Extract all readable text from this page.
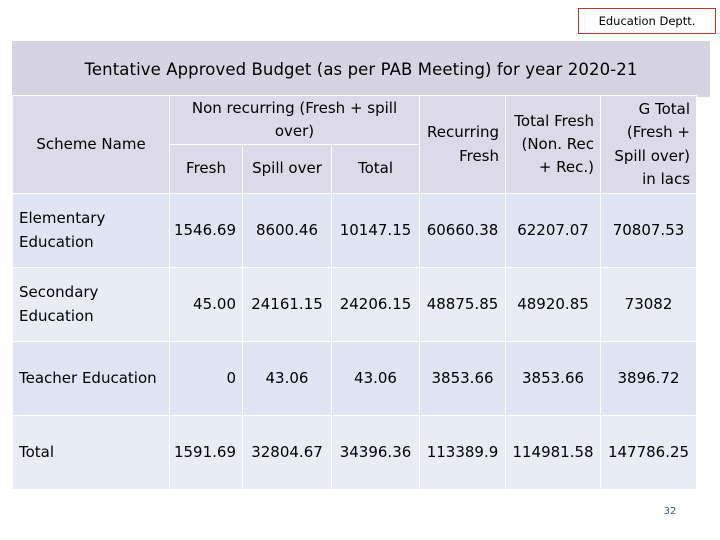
Education Deptt.
Tentative Approved Budget (as per PAB Meeting) for year 2020-21
Scheme Name	Non recurring (Fresh + spill over)			Recurring Fresh	Total Fresh (Non. Rec + Rec.)	G Total (Fresh + Spill over) in lacs
	Fresh	Spill over	Total			
Elementary Education	1546.69	8600.46	10147.15	60660.38	62207.07	70807.53
Secondary Education	45.00	24161.15	24206.15	48875.85	48920.85	73082
Teacher Education	0	43.06	43.06	3853.66	3853.66	3896.72
Total	1591.69	32804.67	34396.36	113389.9	114981.58	147786.25
32
